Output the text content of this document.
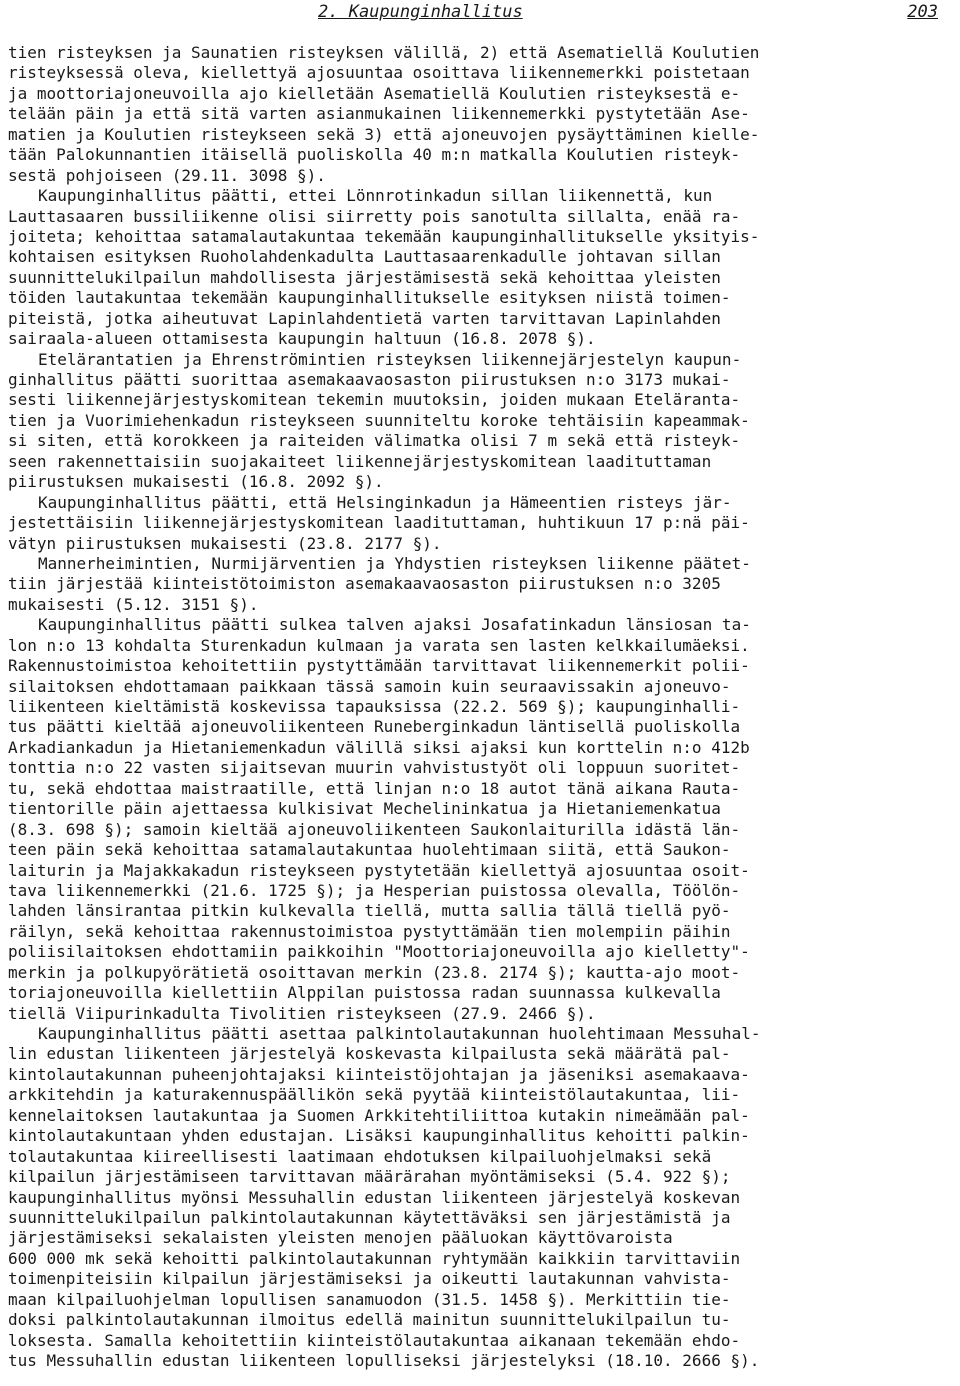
2. Kaupunginhallitus	203
tien risteyksen ja Saunatien risteyksen välillä, 2) että Asematiellä Koulutien
risteyksessä oleva, kiellettyä ajosuuntaa osoittava liikennemerkki poistetaan
ja moottoriajoneuvoilla ajo kielletään Asematiellä Koulutien risteyksestä e-
telään päin ja että sitä varten asianmukainen liikennemerkki pystytetään Ase-
matien ja Koulutien risteykseen sekä 3) että ajoneuvojen pysäyttäminen kielle-
tään Palokunnantien itäisellä puoliskolla 40 m:n matkalla Koulutien risteyk-
sestä pohjoiseen (29.11. 3098 §).
Kaupunginhallitus päätti, ettei Lönnrotinkadun sillan liikennettä, kun
Lauttasaaren bussiliikenne olisi siirretty pois sanotulta sillalta, enää ra-
joiteta; kehoittaa satamalautakuntaa tekemään kaupunginhallitukselle yksityis-
kohtaisen esityksen Ruoholahdenkadulta Lauttasaarenkadulle johtavan sillan
suunnittelukilpailun mahdollisesta järjestämisestä sekä kehoittaa yleisten
töiden lautakuntaa tekemään kaupunginhallitukselle esityksen niistä toimen-
piteistä, jotka aiheutuvat Lapinlahdentietä varten tarvittavan Lapinlahden
sairaala-alueen ottamisesta kaupungin haltuun (16.8. 2078 §).
Etelärantatien ja Ehrenströmintien risteyksen liikennejärjestelyn kaupun-
ginhallitus päätti suorittaa asemakaavaosaston piirustuksen n:o 3173 mukai-
sesti liikennejärjestyskomitean tekemin muutoksin, joiden mukaan Eteläranta-
tien ja Vuorimiehenkadun risteykseen suunniteltu koroke tehtäisiin kapeammak-
si siten, että korokkeen ja raiteiden välimatka olisi 7 m sekä että risteyk-
seen rakennettaisiin suojakaiteet liikennejärjestyskomitean laadituttaman
piirustuksen mukaisesti (16.8. 2092 §).
Kaupunginhallitus päätti, että Helsinginkadun ja Hämeentien risteys jär-
jestettäisiin liikennejärjestyskomitean laadituttaman, huhtikuun 17 p:nä päi-
vätyn piirustuksen mukaisesti (23.8. 2177 §).
Mannerheimintien, Nurmijärventien ja Yhdystien risteyksen liikenne päätet-
tiin järjestää kiinteistötoimiston asemakaavaosaston piirustuksen n:o 3205
mukaisesti (5.12. 3151 §).
Kaupunginhallitus päätti sulkea talven ajaksi Josafatinkadun länsiosan ta-
lon n:o 13 kohdalta Sturenkadun kulmaan ja varata sen lasten kelkkailumäeksi.
Rakennustoimistoa kehoitettiin pystyttämään tarvittavat liikennemerkit polii-
silaitoksen ehdottamaan paikkaan tässä samoin kuin seuraavissakin ajoneuvo-
liikenteen kieltämistä koskevissa tapauksissa (22.2. 569 §); kaupunginhalli-
tus päätti kieltää ajoneuvoliikenteen Runeberginkadun läntisellä puoliskolla
Arkadiankadun ja Hietaniemenkadun välillä siksi ajaksi kun korttelin n:o 412b
tonttia n:o 22 vasten sijaitsevan muurin vahvistustyöt oli loppuun suoritet-
tu, sekä ehdottaa maistraatille, että linjan n:o 18 autot tänä aikana Rauta-
tientorille päin ajettaessa kulkisivat Mechelininkatua ja Hietaniemenkatua
(8.3. 698 §); samoin kieltää ajoneuvoliikenteen Saukonlaiturilla idästä län-
teen päin sekä kehoittaa satamalautakuntaa huolehtimaan siitä, että Saukon-
laiturin ja Majakkakadun risteykseen pystytetään kiellettyä ajosuuntaa osoit-
tava liikennemerkki (21.6. 1725 §); ja Hesperian puistossa olevalla, Töölön-
lahden länsirantaa pitkin kulkevalla tiellä, mutta sallia tällä tiellä pyö-
räilyn, sekä kehoittaa rakennustoimistoa pystyttämään tien molempiin päihin
poliisilaitoksen ehdottamiin paikkoihin "Moottoriajoneuvoilla ajo kielletty"-
merkin ja polkupyörätietä osoittavan merkin (23.8. 2174 §); kautta-ajo moot-
toriajoneuvoilla kiellettiin Alppilan puistossa radan suunnassa kulkevalla
tiellä Viipurinkadulta Tivolitien risteykseen (27.9. 2466 §).
Kaupunginhallitus päätti asettaa palkintolautakunnan huolehtimaan Messuhal-
lin edustan liikenteen järjestelyä koskevasta kilpailusta sekä määrätä pal-
kintolautakunnan puheenjohtajaksi kiinteistöjohtajan ja jäseniksi asemakaava-
arkkitehdin ja katurakennuspäällikön sekä pyytää kiinteistölautakuntaa, lii-
kennelaitoksen lautakuntaa ja Suomen Arkkitehtiliittoa kutakin nimeämään pal-
kintolautakuntaan yhden edustajan. Lisäksi kaupunginhallitus kehoitti palkin-
tolautakuntaa kiireellisesti laatimaan ehdotuksen kilpailuohjelmaksi sekä
kilpailun järjestämiseen tarvittavan määrärahan myöntämiseksi (5.4. 922 §);
kaupunginhallitus myönsi Messuhallin edustan liikenteen järjestelyä koskevan
suunnittelukilpailun palkintolautakunnan käytettäväksi sen järjestämistä ja
järjestämiseksi sekalaisten yleisten menojen pääluokan käyttövaroista
600 000 mk sekä kehoitti palkintolautakunnan ryhtymään kaikkiin tarvittaviin
toimenpiteisiin kilpailun järjestämiseksi ja oikeutti lautakunnan vahvista-
maan kilpailuohjelman lopullisen sanamuodon (31.5. 1458 §). Merkittiin tie-
doksi palkintolautakunnan ilmoitus edellä mainitun suunnittelukilpailun tu-
loksesta. Samalla kehoitettiin kiinteistölautakuntaa aikanaan tekemään ehdo-
tus Messuhallin edustan liikenteen lopulliseksi järjestelyksi (18.10. 2666 §).
